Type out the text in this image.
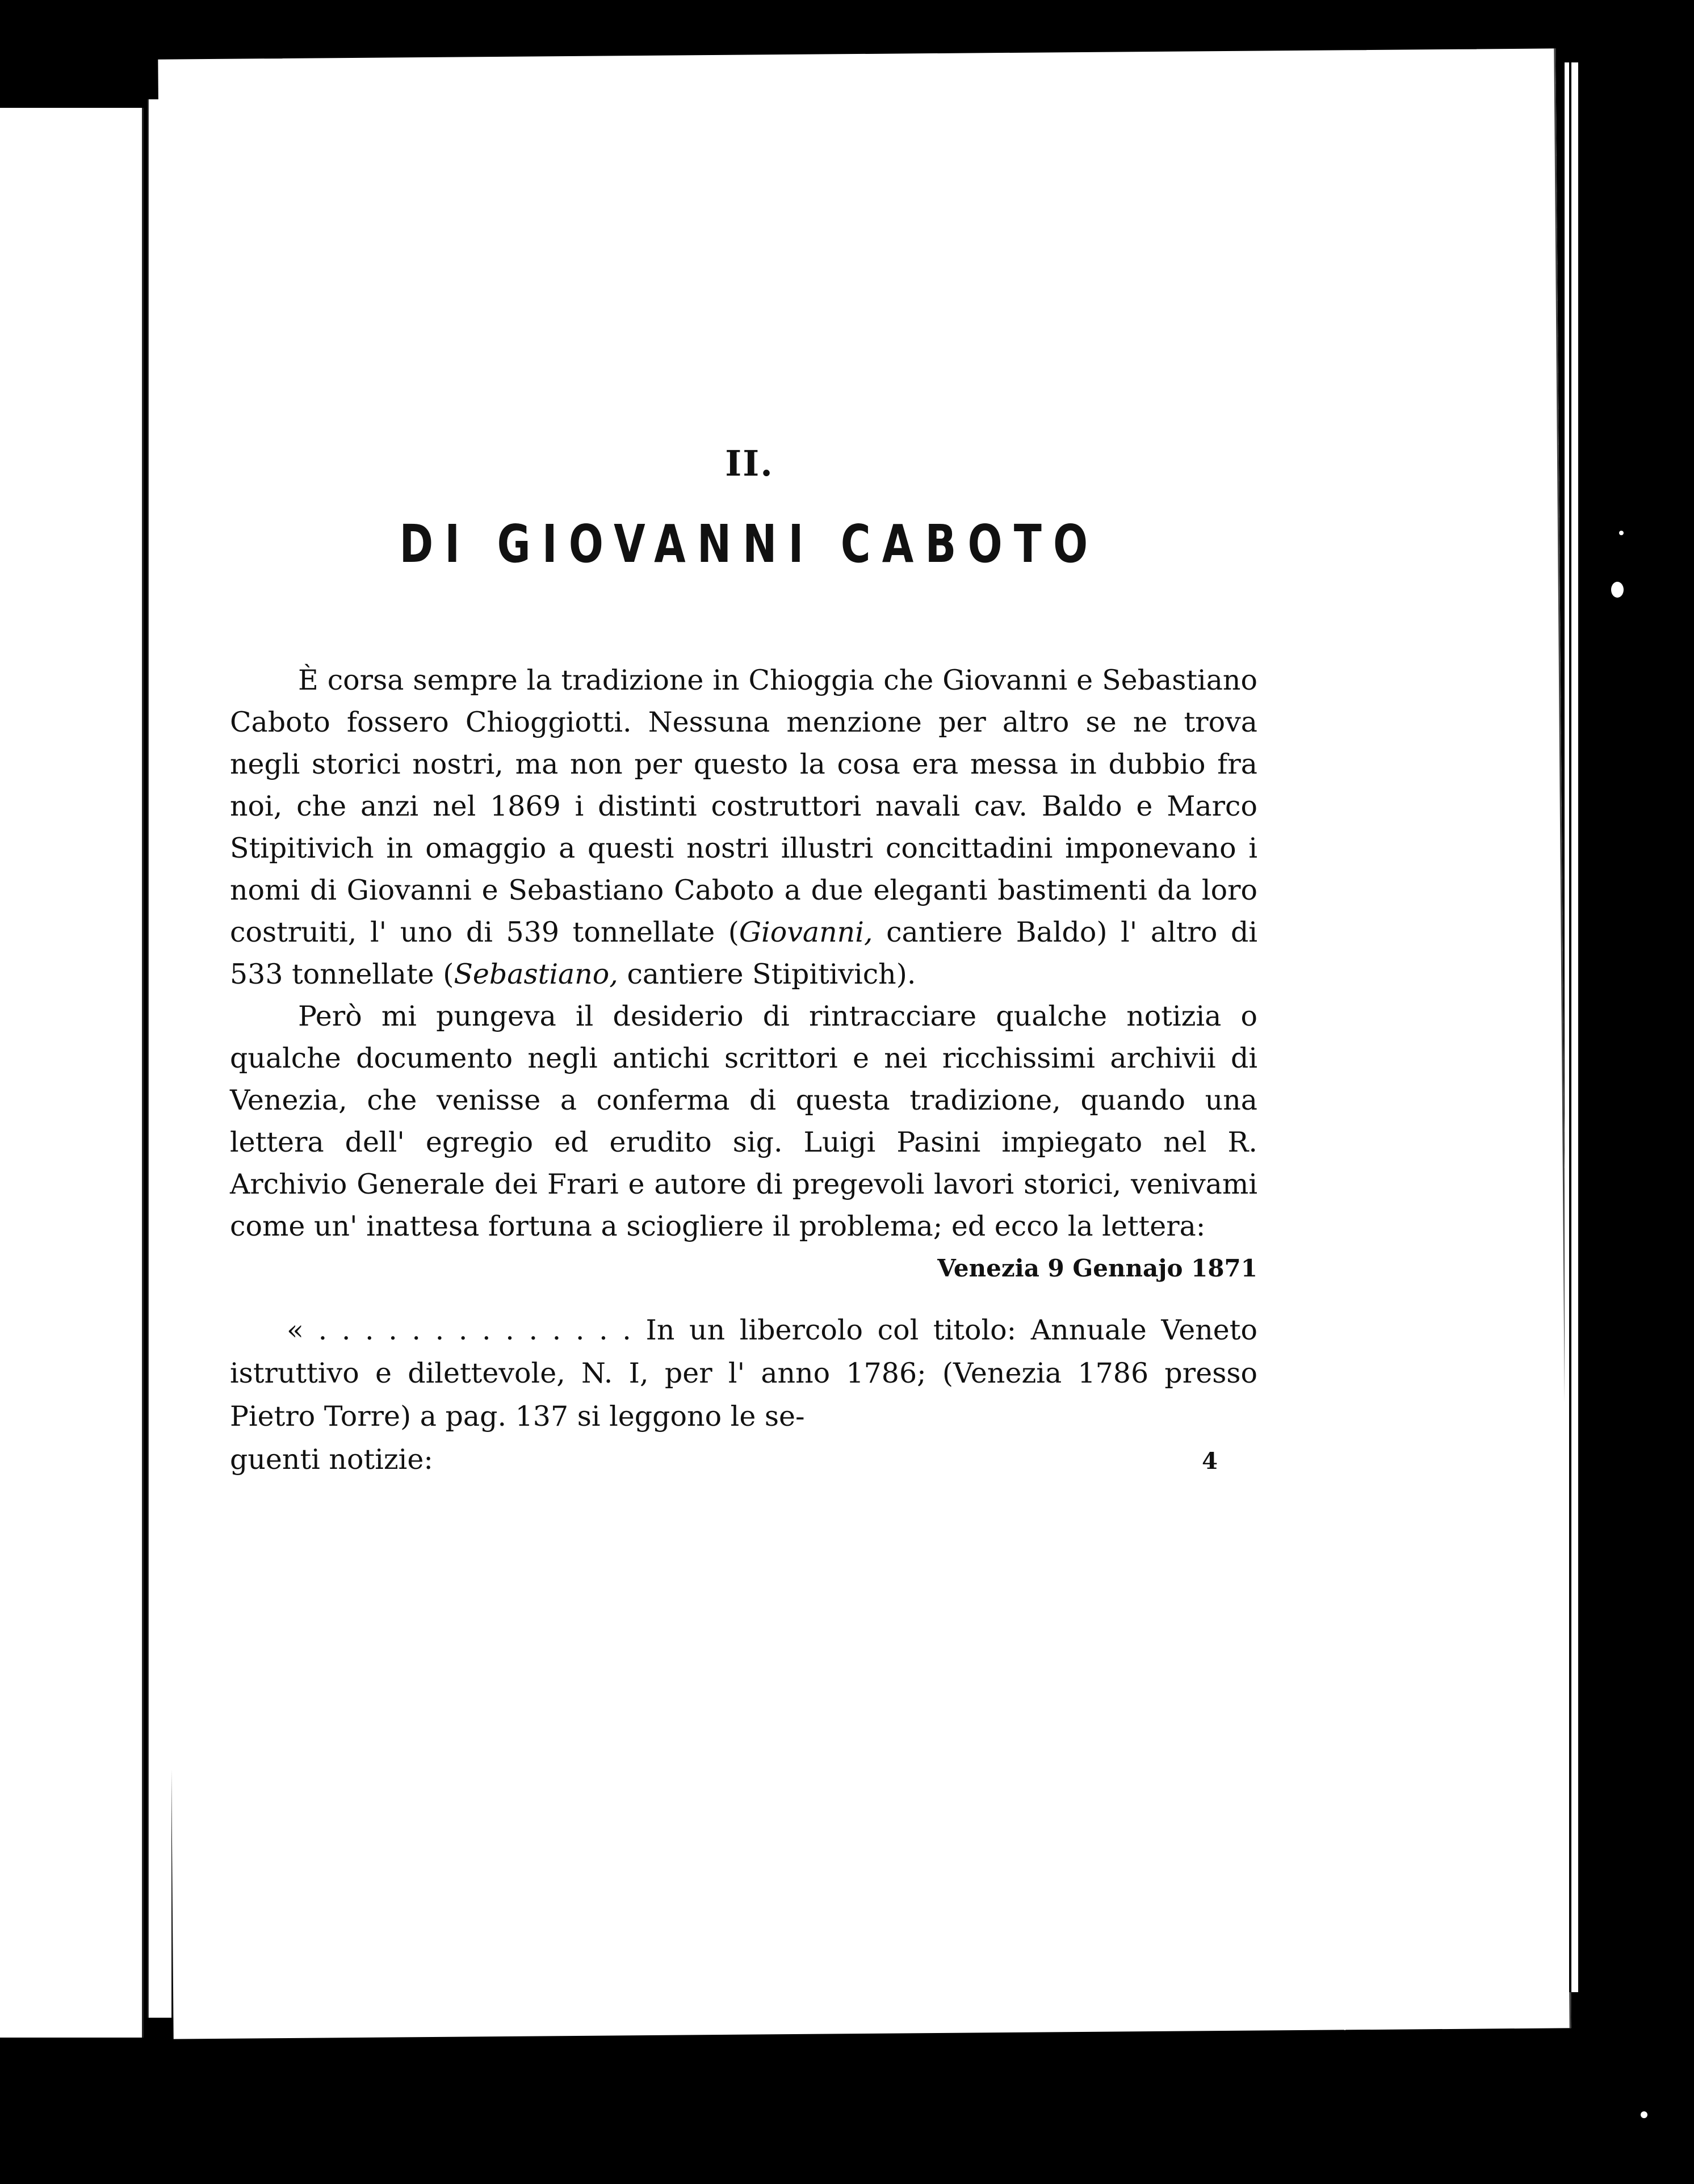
II.
DI GIOVANNI CABOTO

È corsa sempre la tradizione in Chioggia che Giovanni e Sebastiano Caboto fossero Chioggiotti. Nessuna menzione per altro se ne trova negli storici nostri, ma non per questo la cosa era messa in dubbio fra noi, che anzi nel 1869 i distinti costruttori navali cav. Baldo e Marco Stipitivich in omaggio a questi nostri illustri concittadini imponevano i nomi di Giovanni e Sebastiano Caboto a due eleganti bastimenti da loro costruiti, l' uno di 539 tonnellate (Giovanni, cantiere Baldo) l' altro di 533 tonnellate (Sebastiano, cantiere Stipitivich).

Però mi pungeva il desiderio di rintracciare qualche notizia o qualche documento negli antichi scrittori e nei ricchissimi archivii di Venezia, che venisse a conferma di questa tradizione, quando una lettera dell' egregio ed erudito sig. Luigi Pasini impiegato nel R. Archivio Generale dei Frari e autore di pregevoli lavori storici, venivami come un' inattesa fortuna a sciogliere il problema; ed ecco la lettera:

Venezia 9 Gennajo 1871
« . . . . . . . . . . . . . . In un libercolo col titolo: Annuale Veneto istruttivo e dilettevole, N. I, per l' anno 1786; (Venezia 1786 presso Pietro Torre) a pag. 137 si leggono le se-
guenti notizie:	4
